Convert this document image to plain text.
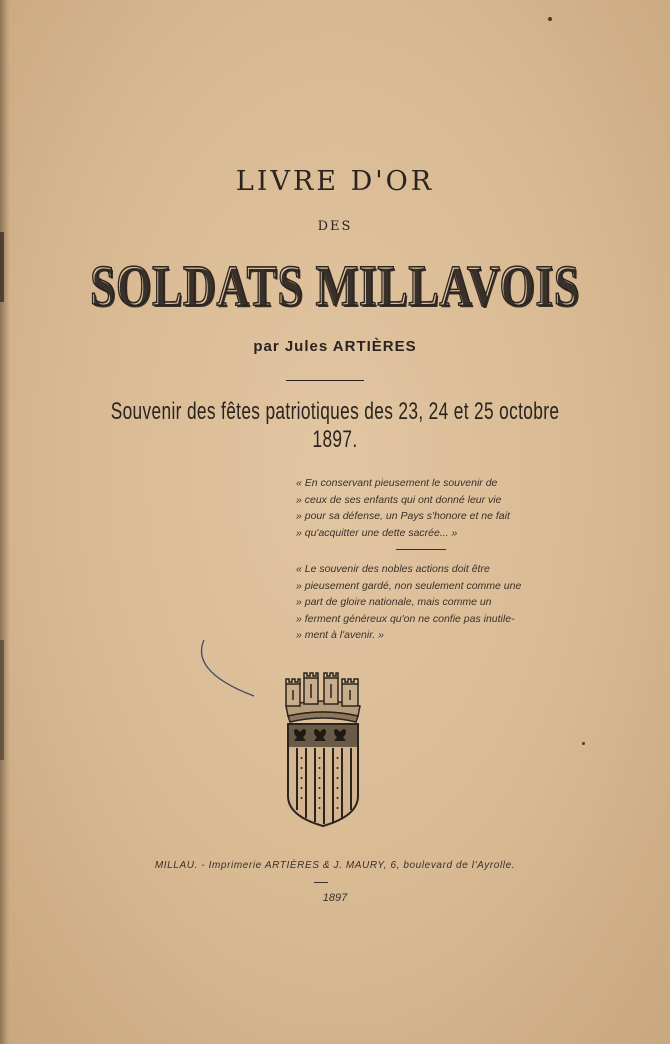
LIVRE D'OR
DES
SOLDATS MILLAVOIS
par Jules ARTIÈRES
Souvenir des fêtes patriotiques des 23, 24 et 25 octobre 1897.

« En conservant pieusement le souvenir de

» ceux de ses enfants qui ont donné leur vie

» pour sa défense, un Pays s'honore et ne fait

» qu'acquitter une dette sacrée... »

« Le souvenir des nobles actions doit être

» pieusement gardé, non seulement comme une

» part de gloire nationale, mais comme un

» ferment généreux qu'on ne confie pas inutile-

» ment à l'avenir. »

MILLAU. - Imprimerie ARTIÈRES & J. MAURY, 6, boulevard de l'Ayrolle.
1897
